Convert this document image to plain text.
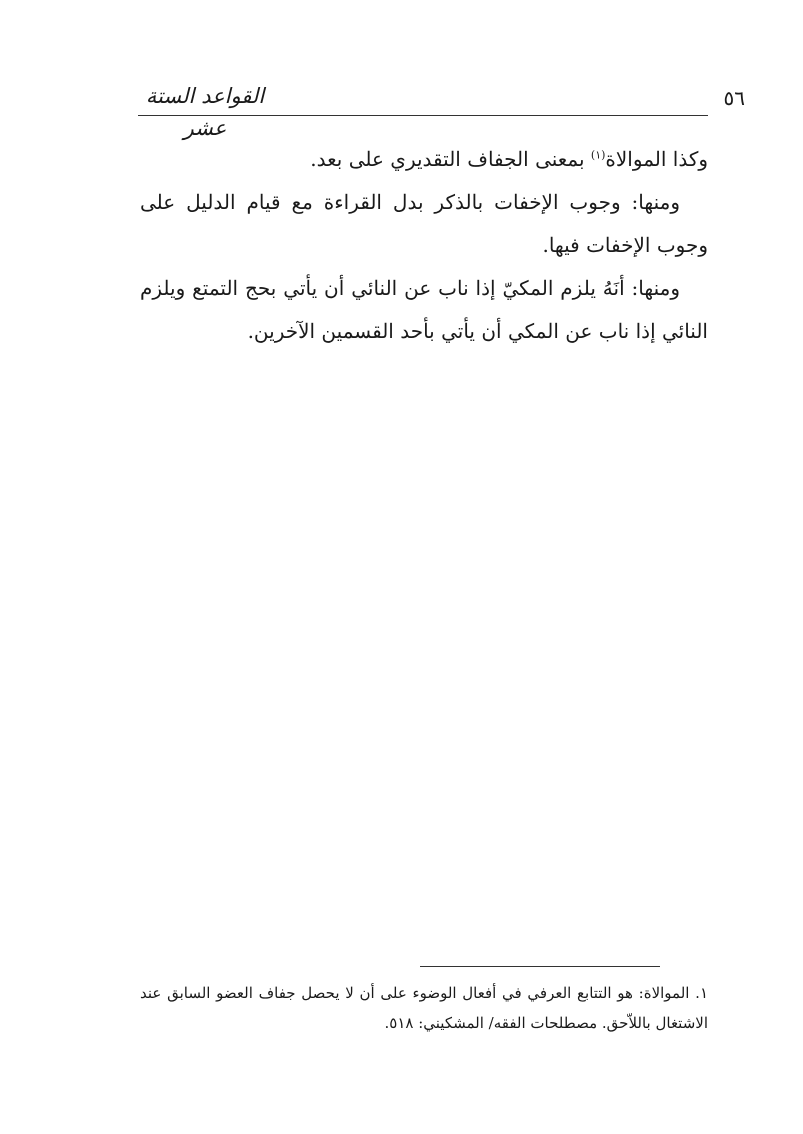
٥٦
القواعد الستة عشر

وكذا الموالاة$^{(١)}$ بمعنى الجفاف التقديري على بعد.

ومنها: وجوب الإخفات بالذكر بدل القراءة مع قيام الدليل على وجوب الإخفات فيها.

ومنها: أنَهُ يلزم المكيّ إذا ناب عن النائي أن يأتي بحج التمتع ويلزم النائي إذا ناب عن المكي أن يأتي بأحد القسمين الآخرين.

١. الموالاة: هو التتابع العرفي في أفعال الوضوء على أن لا يحصل جفاف العضو السابق عند الاشتغال باللاّحق. مصطلحات الفقه/ المشكيني: ٥١٨.
